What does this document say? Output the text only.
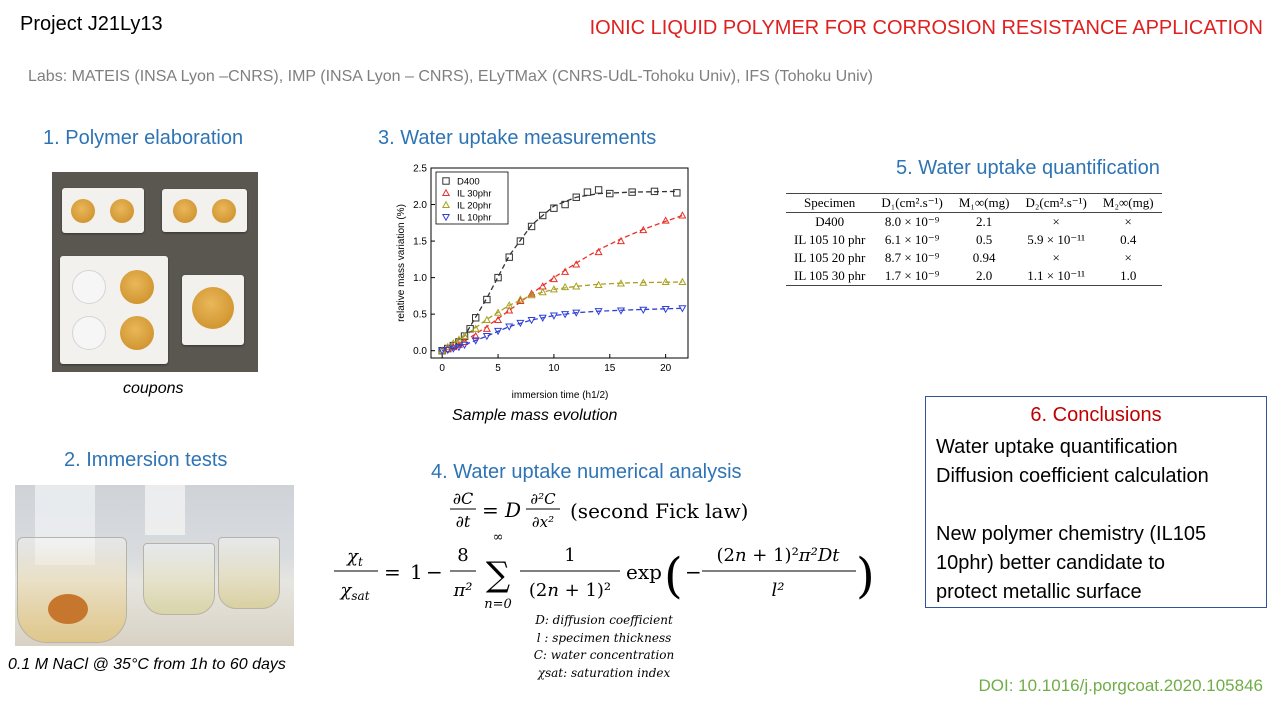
Project J21Ly13	IONIC LIQUID POLYMER FOR CORROSION RESISTANCE APPLICATION
Labs: MATEIS (INSA Lyon –CNRS), IMP (INSA Lyon – CNRS), ELyTMaX (CNRS-UdL-Tohoku Univ), IFS (Tohoku Univ)
1. Polymer elaboration
coupons
2. Immersion tests
0.1 M NaCl @ 35°C from 1h to 60 days
3. Water uptake measurements
0	5	10	15	20
0.0
0.5
1.0
1.5
2.0
2.5
D400
IL 30phr
IL 20phr
IL 10phr
relative mass variation (%)
immersion time (h1/2)
Sample mass evolution
4. Water uptake numerical analysis
∂C
∂t = D ∂²C
∂x² (second Fick law)
$\chi_t$
$\chi_{sat}$
= 1 −
8
π²
∞
∑
n=0
1
(2n + 1)²
exp ( −
(2n + 1)²π²Dt
l² )
D: diffusion coefficient
l : specimen thickness
C: water concentration
χsat: saturation index
5. Water uptake quantification
Specimen	D₁(cm².s⁻¹)	M₁∞(mg)	D₂(cm².s⁻¹)	M₂∞(mg)
D400	8.0 × 10⁻⁹	2.1	×	×
IL 105 10 phr	6.1 × 10⁻⁹	0.5	5.9 × 10⁻¹¹	0.4
IL 105 20 phr	8.7 × 10⁻⁹	0.94	×	×
IL 105 30 phr	1.7 × 10⁻⁹	2.0	1.1 × 10⁻¹¹	1.0
6. Conclusions
Water uptake quantification
Diffusion coefficient calculation
New polymer chemistry (IL105
10phr) better candidate to
protect metallic surface
DOI: 10.1016/j.porgcoat.2020.105846
